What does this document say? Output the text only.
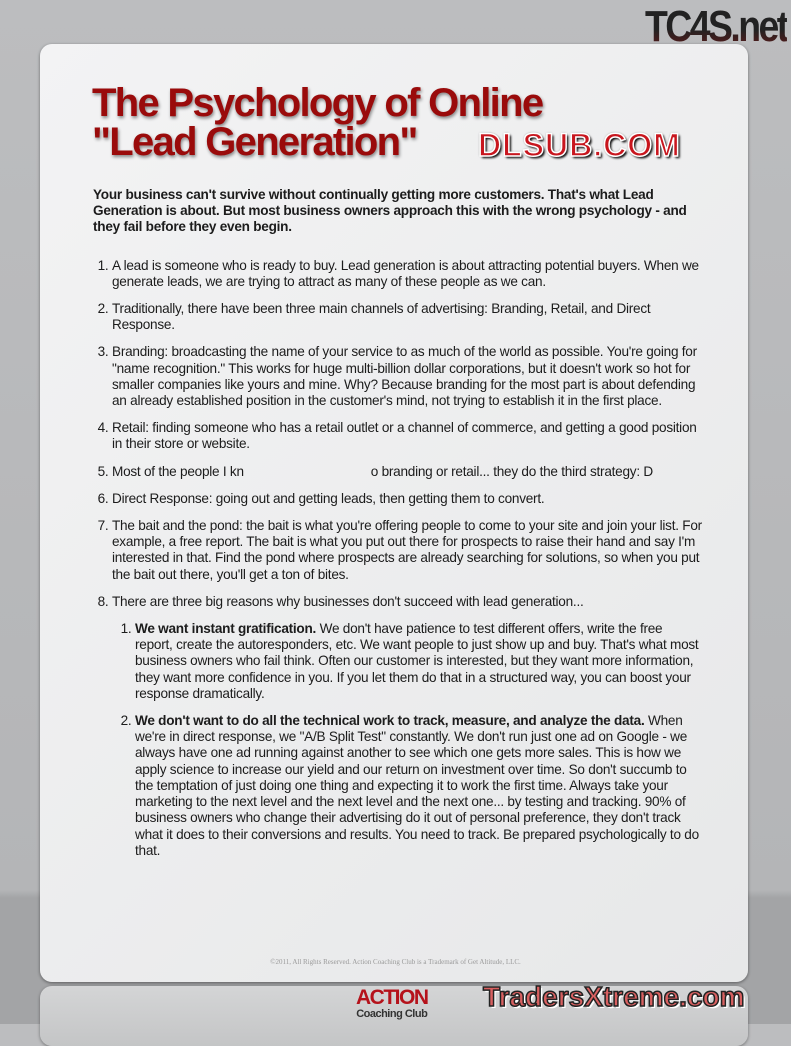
The Psychology of Online
"Lead Generation"

Your business can't survive without continually getting more customers. That's what Lead Generation is about. But most business owners approach this with the wrong psychology - and they fail before they even begin.

1. A lead is someone who is ready to buy. Lead generation is about attracting potential buyers. When we generate leads, we are trying to attract as many of these people as we can.
2. Traditionally, there have been three main channels of advertising: Branding, Retail, and Direct Response.
3. Branding: broadcasting the name of your service to as much of the world as possible. You're going for "name recognition." This works for huge multi-billion dollar corporations, but it doesn't work so hot for smaller companies like yours and mine. Why? Because branding for the most part is about defending an already established position in the customer's mind, not trying to establish it in the first place.
4. Retail: finding someone who has a retail outlet or a channel of commerce, and getting a good position in their store or website.
5. Most of the people I kn                                    o branding or retail... they do the third strategy: D
6. Direct Response: going out and getting leads, then getting them to convert.
7. The bait and the pond: the bait is what you're offering people to come to your site and join your list. For example, a free report. The bait is what you put out there for prospects to raise their hand and say I'm interested in that. Find the pond where prospects are already searching for solutions, so when you put the bait out there, you'll get a ton of bites.
8. There are three big reasons why businesses don't succeed with lead generation...
1. We want instant gratification. We don't have patience to test different offers, write the free report, create the autoresponders, etc. We want people to just show up and buy. That's what most business owners who fail think. Often our customer is interested, but they want more information, they want more confidence in you. If you let them do that in a structured way, you can boost your response dramatically.
2. We don't want to do all the technical work to track, measure, and analyze the data. When we're in direct response, we "A/B Split Test" constantly. We don't run just one ad on Google - we always have one ad running against another to see which one gets more sales. This is how we apply science to increase our yield and our return on investment over time. So don't succumb to the temptation of just doing one thing and expecting it to work the first time. Always take your marketing to the next level and the next level and the next one... by testing and tracking. 90% of business owners who change their advertising do it out of personal preference, they don't track what it does to their conversions and results. You need to track. Be prepared psychologically to do that.
©2011, All Rights Reserved. Action Coaching Club is a Trademark of Get Altitude, LLC.
ACTION
Coaching Club
TC4S.net
DLSUB.COM
TradersXtreme.com
